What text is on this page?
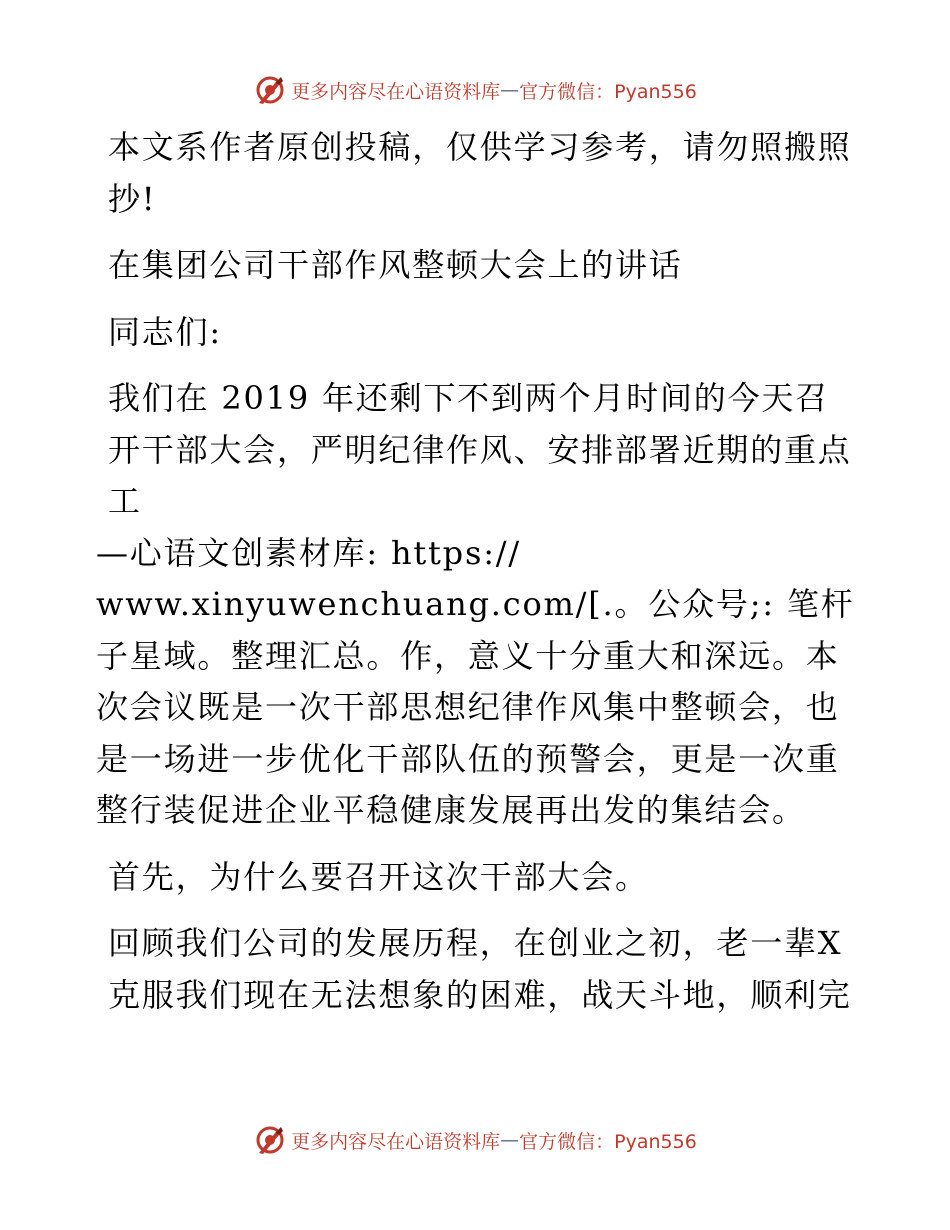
更多内容尽在心语资料库 — 官方微信：Pyan556

本文系作者原创投稿，仅供学习参考，请勿照搬照抄!

在集团公司干部作风整顿大会上的讲话

同志们:

我们在 2019 年还剩下不到两个月时间的今天召开干部大会，严明纪律作风、安排部署近期的重点工

—心语文创素材库: https://

www.xinyuwenchuang.com/[.。公众号;: 笔杆子星域。整理汇总。作，意义十分重大和深远。本次会议既是一次干部思想纪律作风集中整顿会，也是一场进一步优化干部队伍的预警会，更是一次重整行装促进企业平稳健康发展再出发的集结会。

首先，为什么要召开这次干部大会。

回顾我们公司的发展历程，在创业之初，老一辈X克服我们现在无法想象的困难，战天斗地，顺利完

更多内容尽在心语资料库 — 官方微信：Pyan556
